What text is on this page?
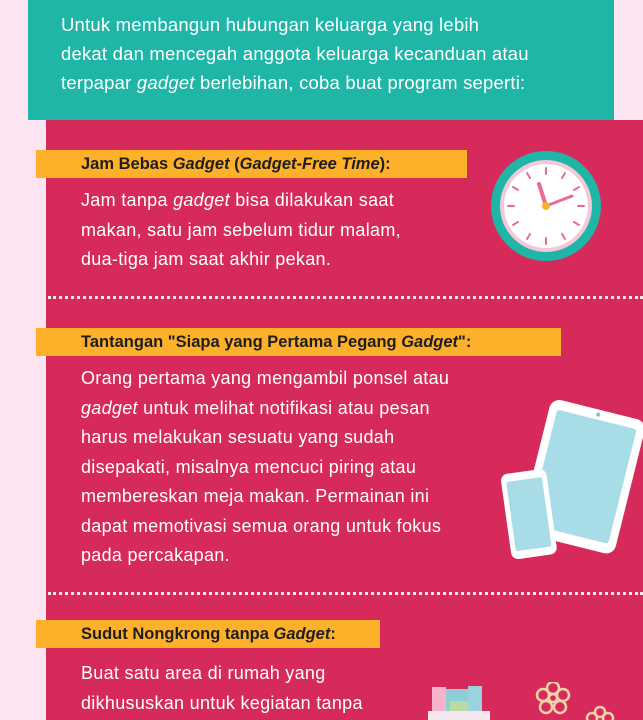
Untuk membangun hubungan keluarga yang lebih
dekat dan mencegah anggota keluarga kecanduan atau
terpapar gadget berlebihan, coba buat program seperti:
Jam Bebas Gadget (Gadget-Free Time):
Jam tanpa gadget bisa dilakukan saat
makan, satu jam sebelum tidur malam,
dua-tiga jam saat akhir pekan.
Tantangan "Siapa yang Pertama Pegang Gadget":
Orang pertama yang mengambil ponsel atau
gadget untuk melihat notifikasi atau pesan
harus melakukan sesuatu yang sudah
disepakati, misalnya mencuci piring atau
membereskan meja makan. Permainan ini
dapat memotivasi semua orang untuk fokus
pada percakapan.
Sudut Nongkrong tanpa Gadget:
Buat satu area di rumah yang
dikhususkan untuk kegiatan tanpa
